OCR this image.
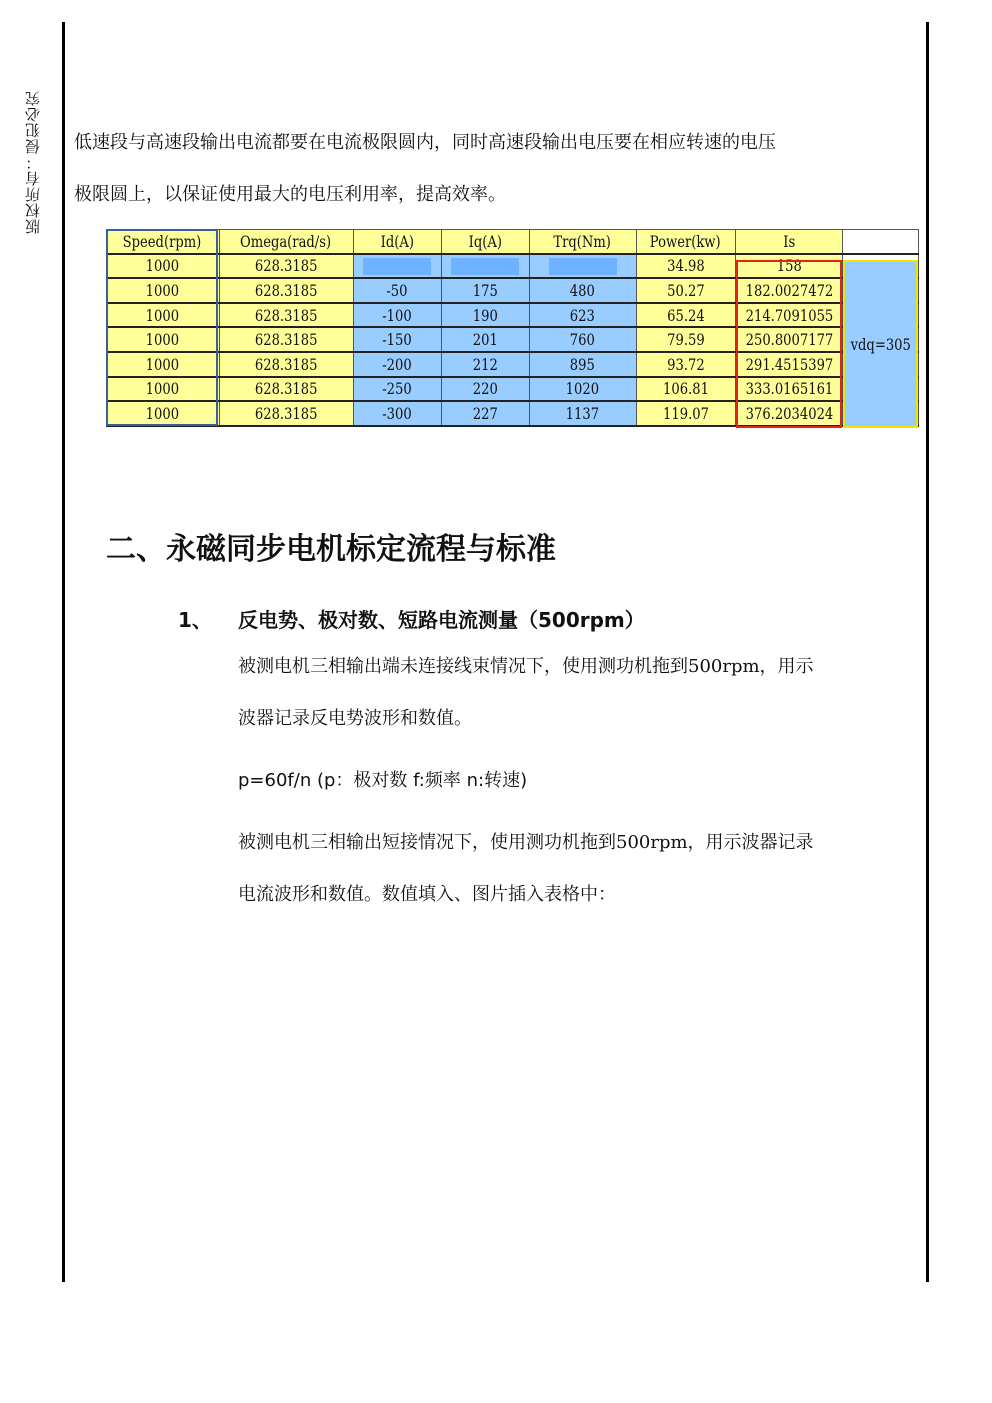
版权所有：侵犯必究 低速段与高速段输出电流都要在电流极限圆内，同时高速段输出电压要在相应转速的电压
极限圆上，以保证使用最大的电压利用率，提高效率。
Speed(rpm)	Omega(rad/s)	Id(A)	Iq(A)	Trq(Nm)	Power(kw)	Is	
1000	628.3185				34.98	158	
1000	628.3185	-50	175	480	50.27	182.0027472	
1000	628.3185	-100	190	623	65.24	214.7091055	
1000	628.3185	-150	201	760	79.59	250.8007177	
1000	628.3185	-200	212	895	93.72	291.4515397	
1000	628.3185	-250	220	1020	106.81	333.0165161	
1000	628.3185	-300	227	1137	119.07	376.2034024	
vdq=305
二、永磁同步电机标定流程与标准
1、 反电势、极对数、短路电流测量（500rpm）
被测电机三相输出端未连接线束情况下，使用测功机拖到500rpm，用示
波器记录反电势波形和数值。
p=60f/n (p：极对数 f:频率 n:转速)
被测电机三相输出短接情况下，使用测功机拖到500rpm，用示波器记录
电流波形和数值。数值填入、图片插入表格中：
